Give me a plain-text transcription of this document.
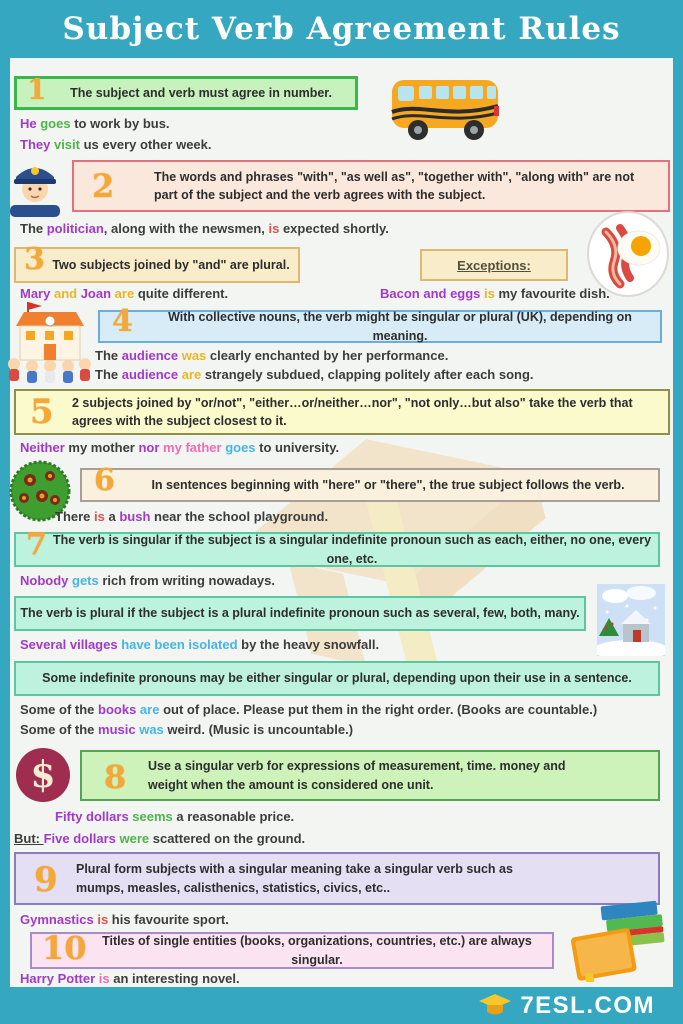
Subject Verb Agreement Rules
1 The subject and verb must agree in number.
He goes to work by bus.
They visit us every other week.
2	The words and phrases "with", "as well as", "together with", "along with" are not part of the subject and the verb agrees with the subject.
The politician, along with the newsmen, is expected shortly.
3 Two subjects joined by "and" are plural.	Exceptions:
Mary and Joan are quite different.	Bacon and eggs is my favourite dish.
4	With collective nouns, the verb might be singular or plural (UK), depending on meaning.
The audience was clearly enchanted by her performance.
The audience are strangely subdued, clapping politely after each song.
5 2 subjects joined by "or/not", "either…or/neither…nor", "not only…but also" take the verb that agrees with the subject closest to it.
Neither my mother nor my father goes to university.
6	In sentences beginning with "here" or "there", the true subject follows the verb.
There is a bush near the school playground.
7 The verb is singular if the subject is a singular indefinite pronoun such as each, either, no one, every one, etc.
Nobody gets rich from writing nowadays.
The verb is plural if the subject is a plural indefinite pronoun such as several, few, both, many.
Several villages have been isolated by the heavy snowfall.
Some indefinite pronouns may be either singular or plural, depending upon their use in a sentence.
Some of the books are out of place. Please put them in the right order. (Books are countable.)
Some of the music was weird. (Music is uncountable.)
$ 8 Use a singular verb for expressions of measurement, time. money and weight when the amount is considered one unit.
Fifty dollars seems a reasonable price.
But: Five dollars were scattered on the ground.
9 Plural form subjects with a singular meaning take a singular verb such as mumps, measles, calisthenics, statistics, civics, etc..
Gymnastics is his favourite sport.
10	Titles of single entities (books, organizations, countries, etc.) are always singular.
Harry Potter is an interesting novel.
7ESL.COM
